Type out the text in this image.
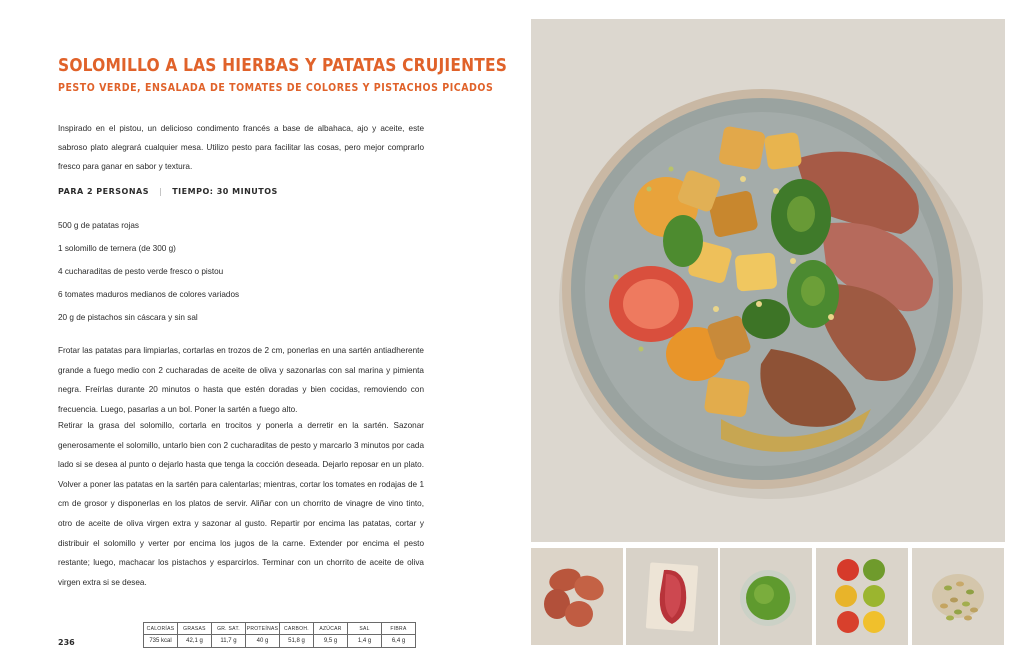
SOLOMILLO A LAS HIERBAS Y PATATAS CRUJIENTES
PESTO VERDE, ENSALADA DE TOMATES DE COLORES Y PISTACHOS PICADOS

Inspirado en el pistou, un delicioso condimento francés a base de albahaca, ajo y aceite, este sabroso plato alegrará cualquier mesa. Utilizo pesto para facilitar las cosas, pero mejor comprarlo fresco para ganar en sabor y textura.

PARA 2 PERSONAS | TIEMPO: 30 MINUTOS
500 g de patatas rojas
1 solomillo de ternera (de 300 g)
4 cucharaditas de pesto verde fresco o pistou
6 tomates maduros medianos de colores variados
20 g de pistachos sin cáscara y sin sal

Frotar las patatas para limpiarlas, cortarlas en trozos de 2 cm, ponerlas en una sartén antiadherente grande a fuego medio con 2 cucharadas de aceite de oliva y sazonarlas con sal marina y pimienta negra. Freírlas durante 20 minutos o hasta que estén doradas y bien cocidas, removiendo con frecuencia. Luego, pasarlas a un bol. Poner la sartén a fuego alto.

Retirar la grasa del solomillo, cortarla en trocitos y ponerla a derretir en la sartén. Sazonar generosamente el solomillo, untarlo bien con 2 cucharaditas de pesto y marcarlo 3 minutos por cada lado si se desea al punto o dejarlo hasta que tenga la cocción deseada. Dejarlo reposar en un plato. Volver a poner las patatas en la sartén para calentarlas; mientras, cortar los tomates en rodajas de 1 cm de grosor y disponerlas en los platos de servir. Aliñar con un chorrito de vinagre de vino tinto, otro de aceite de oliva virgen extra y sazonar al gusto. Repartir por encima las patatas, cortar y distribuir el solomillo y verter por encima los jugos de la carne. Extender por encima el pesto restante; luego, machacar los pistachos y esparcirlos. Terminar con un chorrito de aceite de oliva virgen extra si se desea.

236
CALORÍAS	GRASAS	GR. SAT.	PROTEÍNAS	CARBOH.	AZÚCAR	SAL	FIBRA
735 kcal	42,1 g	11,7 g	40 g	51,8 g	9,5 g	1,4 g	6,4 g
